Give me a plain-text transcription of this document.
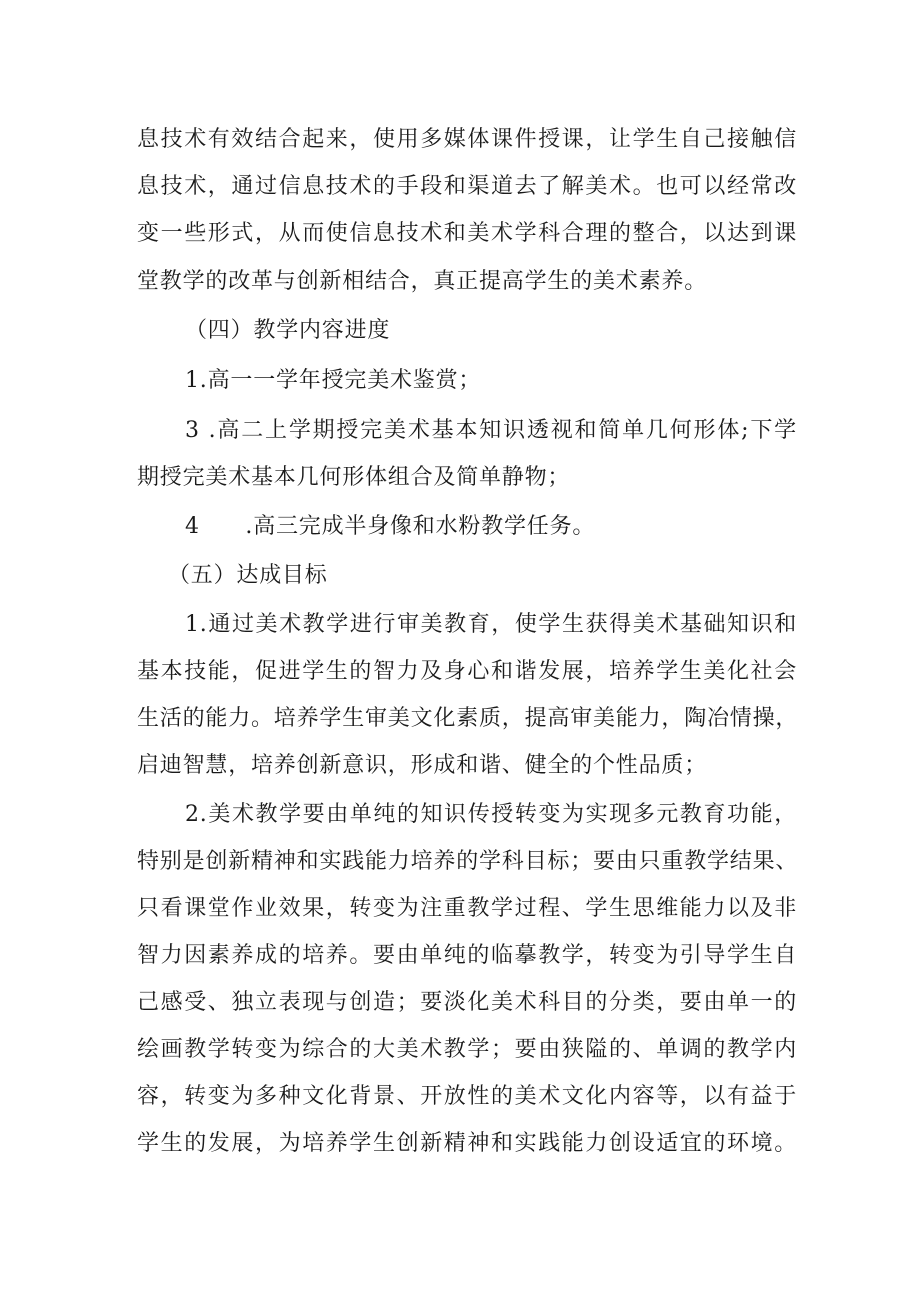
息技术有效结合起来，使用多媒体课件授课，让学生自己接触信
息技术，通过信息技术的手段和渠道去了解美术。也可以经常改
变一些形式，从而使信息技术和美术学科合理的整合，以达到课
堂教学的改革与创新相结合，真正提高学生的美术素养。
（四）教学内容进度
1.高一一学年授完美术鉴赏；
3 .高二上学期授完美术基本知识透视和简单几何形体;下学
期授完美术基本几何形体组合及简单静物；
4　　.高三完成半身像和水粉教学任务。
（五）达成目标
1.通过美术教学进行审美教育，使学生获得美术基础知识和
基本技能，促进学生的智力及身心和谐发展，培养学生美化社会
生活的能力。培养学生审美文化素质，提高审美能力，陶冶情操，
启迪智慧，培养创新意识，形成和谐、健全的个性品质；
2.美术教学要由单纯的知识传授转变为实现多元教育功能，
特别是创新精神和实践能力培养的学科目标；要由只重教学结果、
只看课堂作业效果，转变为注重教学过程、学生思维能力以及非
智力因素养成的培养。要由单纯的临摹教学，转变为引导学生自
己感受、独立表现与创造；要淡化美术科目的分类，要由单一的
绘画教学转变为综合的大美术教学；要由狭隘的、单调的教学内
容，转变为多种文化背景、开放性的美术文化内容等，以有益于
学生的发展，为培养学生创新精神和实践能力创设适宜的环境。
